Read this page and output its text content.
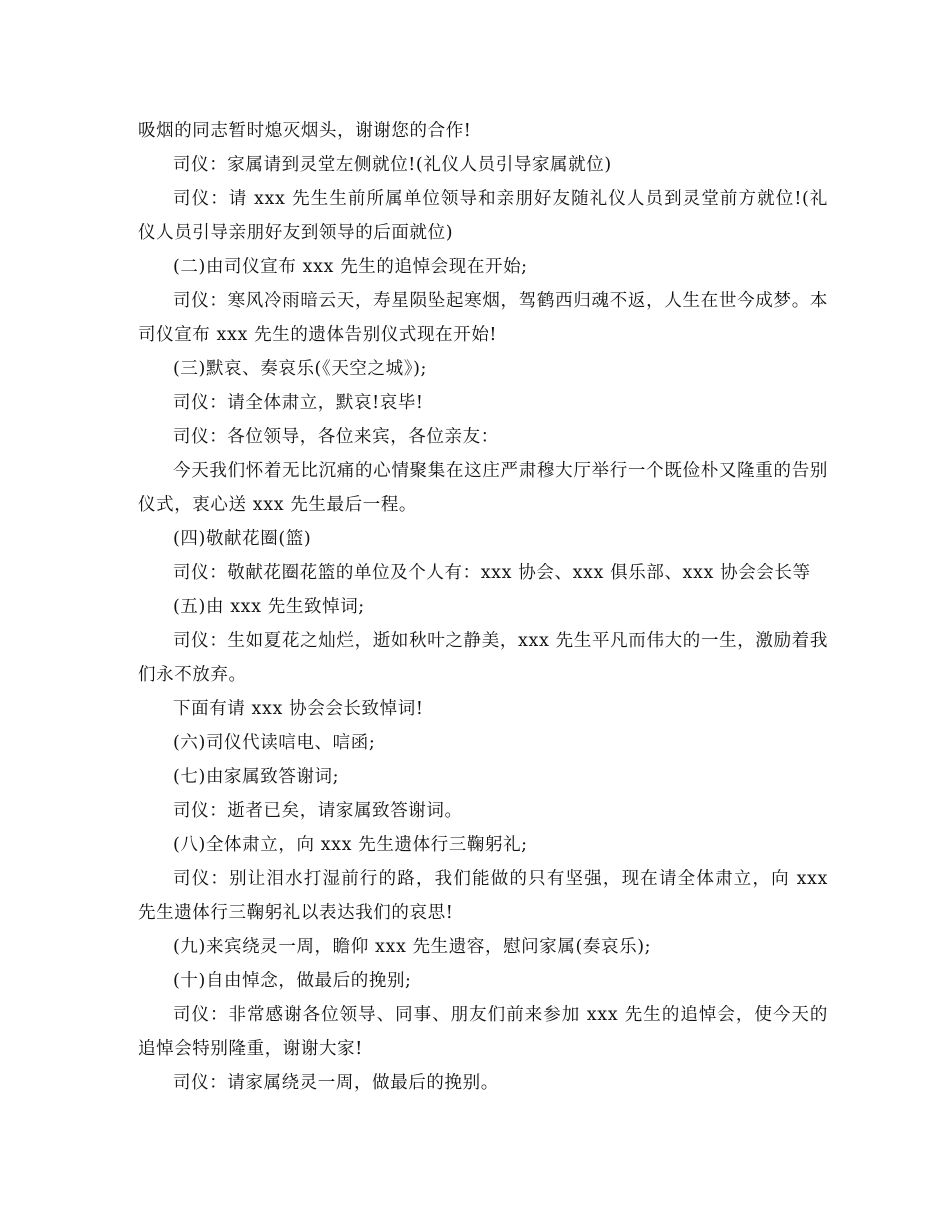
吸烟的同志暂时熄灭烟头，谢谢您的合作!

司仪：家属请到灵堂左侧就位!(礼仪人员引导家属就位)

司仪：请 xxx 先生生前所属单位领导和亲朋好友随礼仪人员到灵堂前方就位!(礼仪人员引导亲朋好友到领导的后面就位)

(二)由司仪宣布 xxx 先生的追悼会现在开始;

司仪：寒风冷雨暗云天，寿星陨坠起寒烟，驾鹤西归魂不返，人生在世今成梦。本司仪宣布 xxx 先生的遗体告别仪式现在开始!

(三)默哀、奏哀乐(《天空之城》);

司仪：请全体肃立，默哀!哀毕!

司仪：各位领导，各位来宾，各位亲友：

今天我们怀着无比沉痛的心情聚集在这庄严肃穆大厅举行一个既俭朴又隆重的告别仪式，衷心送 xxx 先生最后一程。

(四)敬献花圈(篮)

司仪：敬献花圈花篮的单位及个人有：xxx 协会、xxx 俱乐部、xxx 协会会长等

(五)由 xxx 先生致悼词;

司仪：生如夏花之灿烂，逝如秋叶之静美，xxx 先生平凡而伟大的一生，激励着我们永不放弃。

下面有请 xxx 协会会长致悼词!

(六)司仪代读唁电、唁函;

(七)由家属致答谢词;

司仪：逝者已矣，请家属致答谢词。

(八)全体肃立，向 xxx 先生遗体行三鞠躬礼;

司仪：别让泪水打湿前行的路，我们能做的只有坚强，现在请全体肃立，向 xxx 先生遗体行三鞠躬礼以表达我们的哀思!

(九)来宾绕灵一周，瞻仰 xxx 先生遗容，慰问家属(奏哀乐);

(十)自由悼念，做最后的挽别;

司仪：非常感谢各位领导、同事、朋友们前来参加 xxx 先生的追悼会，使今天的追悼会特别隆重，谢谢大家!

司仪：请家属绕灵一周，做最后的挽别。
